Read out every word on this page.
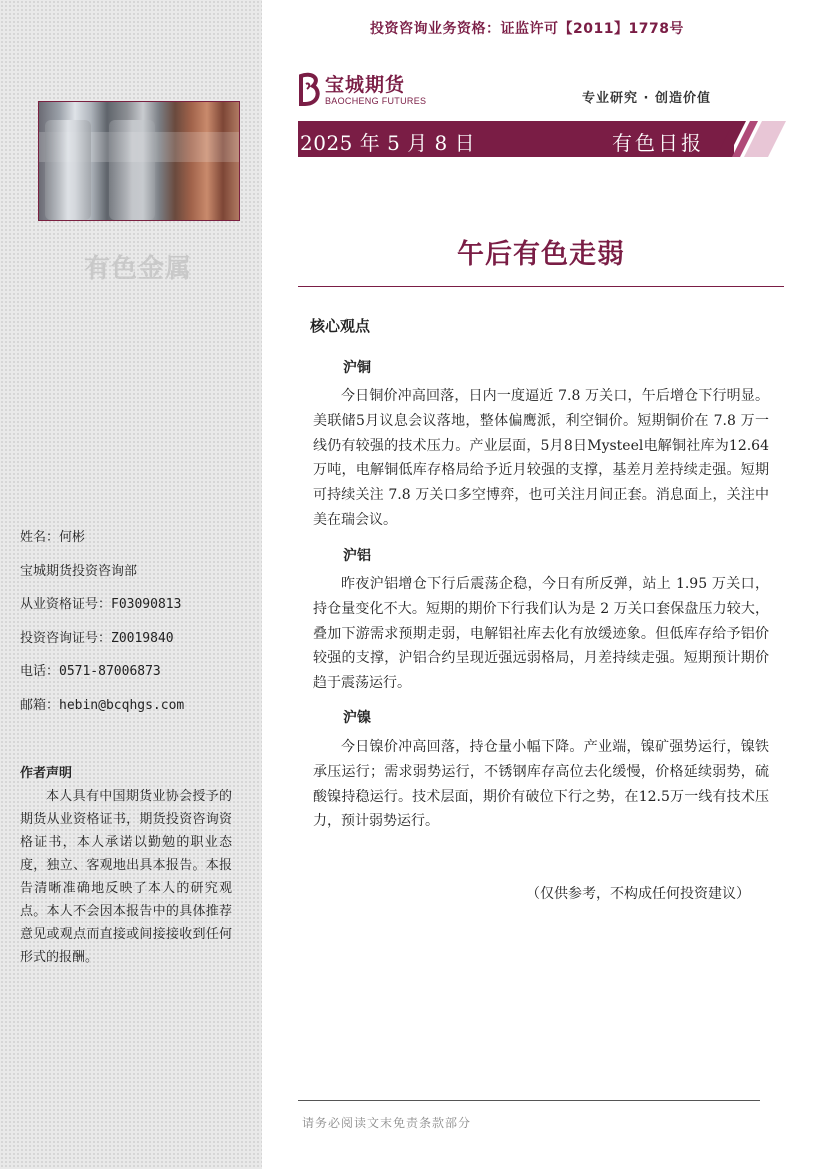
有色金属
姓名：何彬
宝城期货投资咨询部
从业资格证号：F03090813
投资咨询证号：Z0019840
电话：0571-87006873
邮箱：hebin@bcqhgs.com
作者声明
本人具有中国期货业协会授予的期货从业资格证书，期货投资咨询资格证书，本人承诺以勤勉的职业态度，独立、客观地出具本报告。本报告清晰准确地反映了本人的研究观点。本人不会因本报告中的具体推荐意见或观点而直接或间接接收到任何形式的报酬。
投资咨询业务资格：证监许可【2011】1778号
宝城期货
BAOCHENG FUTURES	专业研究 · 创造价值
2025 年 5 月 8 日	有色日报
午后有色走弱
核心观点
沪铜
今日铜价冲高回落，日内一度逼近 7.8 万关口，午后增仓下行明显。美联储5月议息会议落地，整体偏鹰派，利空铜价。短期铜价在 7.8 万一线仍有较强的技术压力。产业层面，5月8日Mysteel电解铜社库为12.64万吨，电解铜低库存格局给予近月较强的支撑，基差月差持续走强。短期可持续关注 7.8 万关口多空博弈，也可关注月间正套。消息面上，关注中美在瑞会议。
沪铝
昨夜沪铝增仓下行后震荡企稳，今日有所反弹，站上 1.95 万关口，持仓量变化不大。短期的期价下行我们认为是 2 万关口套保盘压力较大，叠加下游需求预期走弱，电解铝社库去化有放缓迹象。但低库存给予铝价较强的支撑，沪铝合约呈现近强远弱格局，月差持续走强。短期预计期价趋于震荡运行。
沪镍
今日镍价冲高回落，持仓量小幅下降。产业端，镍矿强势运行，镍铁承压运行；需求弱势运行，不锈钢库存高位去化缓慢，价格延续弱势，硫酸镍持稳运行。技术层面，期价有破位下行之势，在12.5万一线有技术压力，预计弱势运行。
（仅供参考，不构成任何投资建议）
请务必阅读文末免责条款部分
